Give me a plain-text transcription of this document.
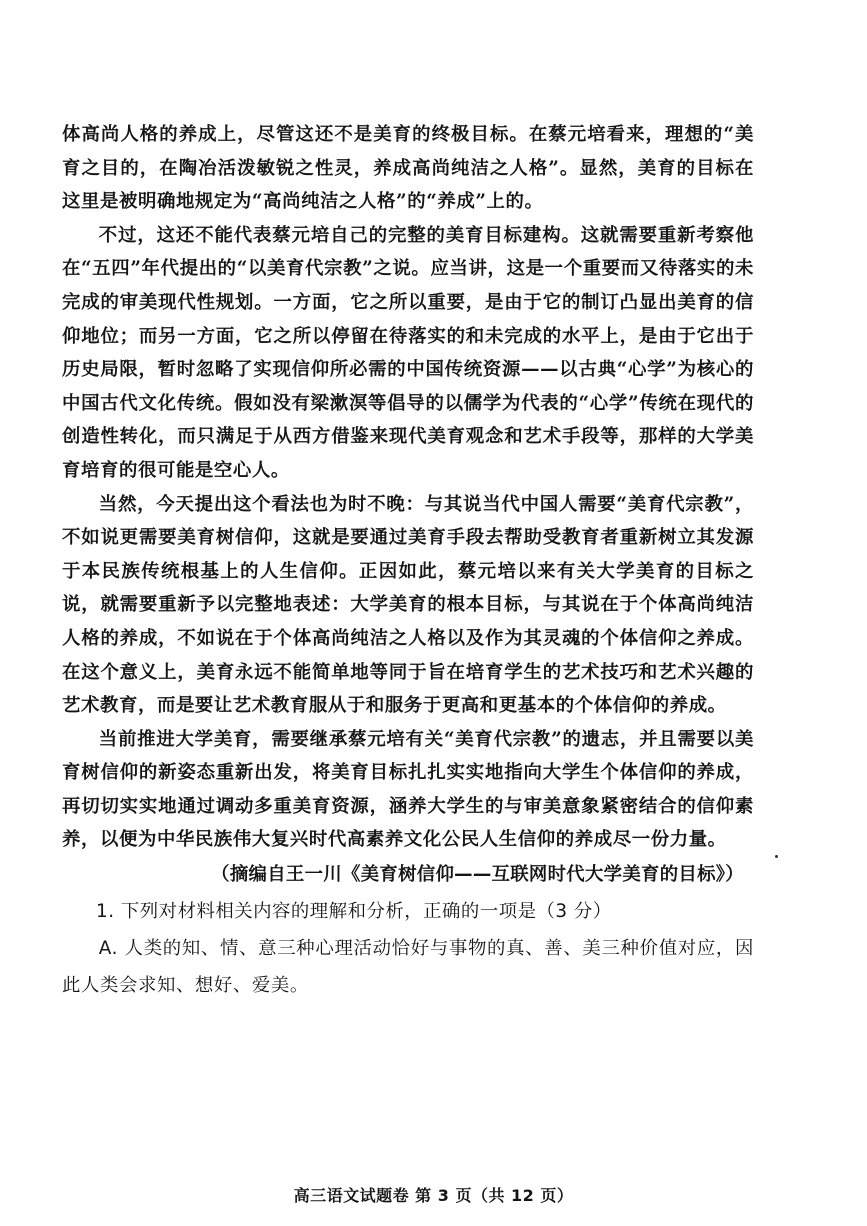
体高尚人格的养成上，尽管这还不是美育的终极目标。在蔡元培看来，理想的“美育之目的，在陶冶活泼敏锐之性灵，养成高尚纯洁之人格”。显然，美育的目标在这里是被明确地规定为“高尚纯洁之人格”的“养成”上的。

不过，这还不能代表蔡元培自己的完整的美育目标建构。这就需要重新考察他在“五四”年代提出的“以美育代宗教”之说。应当讲，这是一个重要而又待落实的未完成的审美现代性规划。一方面，它之所以重要，是由于它的制订凸显出美育的信仰地位；而另一方面，它之所以停留在待落实的和未完成的水平上，是由于它出于历史局限，暂时忽略了实现信仰所必需的中国传统资源——以古典“心学”为核心的中国古代文化传统。假如没有梁漱溟等倡导的以儒学为代表的“心学”传统在现代的创造性转化，而只满足于从西方借鉴来现代美育观念和艺术手段等，那样的大学美育培育的很可能是空心人。

当然，今天提出这个看法也为时不晚：与其说当代中国人需要“美育代宗教”，不如说更需要美育树信仰，这就是要通过美育手段去帮助受教育者重新树立其发源于本民族传统根基上的人生信仰。正因如此，蔡元培以来有关大学美育的目标之说，就需要重新予以完整地表述：大学美育的根本目标，与其说在于个体高尚纯洁人格的养成，不如说在于个体高尚纯洁之人格以及作为其灵魂的个体信仰之养成。在这个意义上，美育永远不能简单地等同于旨在培育学生的艺术技巧和艺术兴趣的艺术教育，而是要让艺术教育服从于和服务于更高和更基本的个体信仰的养成。

当前推进大学美育，需要继承蔡元培有关“美育代宗教”的遗志，并且需要以美育树信仰的新姿态重新出发，将美育目标扎扎实实地指向大学生个体信仰的养成，再切切实实地通过调动多重美育资源，涵养大学生的与审美意象紧密结合的信仰素养，以便为中华民族伟大复兴时代高素养文化公民人生信仰的养成尽一份力量。

（摘编自王一川《美育树信仰——互联网时代大学美育的目标》）

1. 下列对材料相关内容的理解和分析，正确的一项是（3 分）

A. 人类的知、情、意三种心理活动恰好与事物的真、善、美三种价值对应，因此人类会求知、想好、爱美。

高三语文试题卷 第 3 页（共 12 页）
